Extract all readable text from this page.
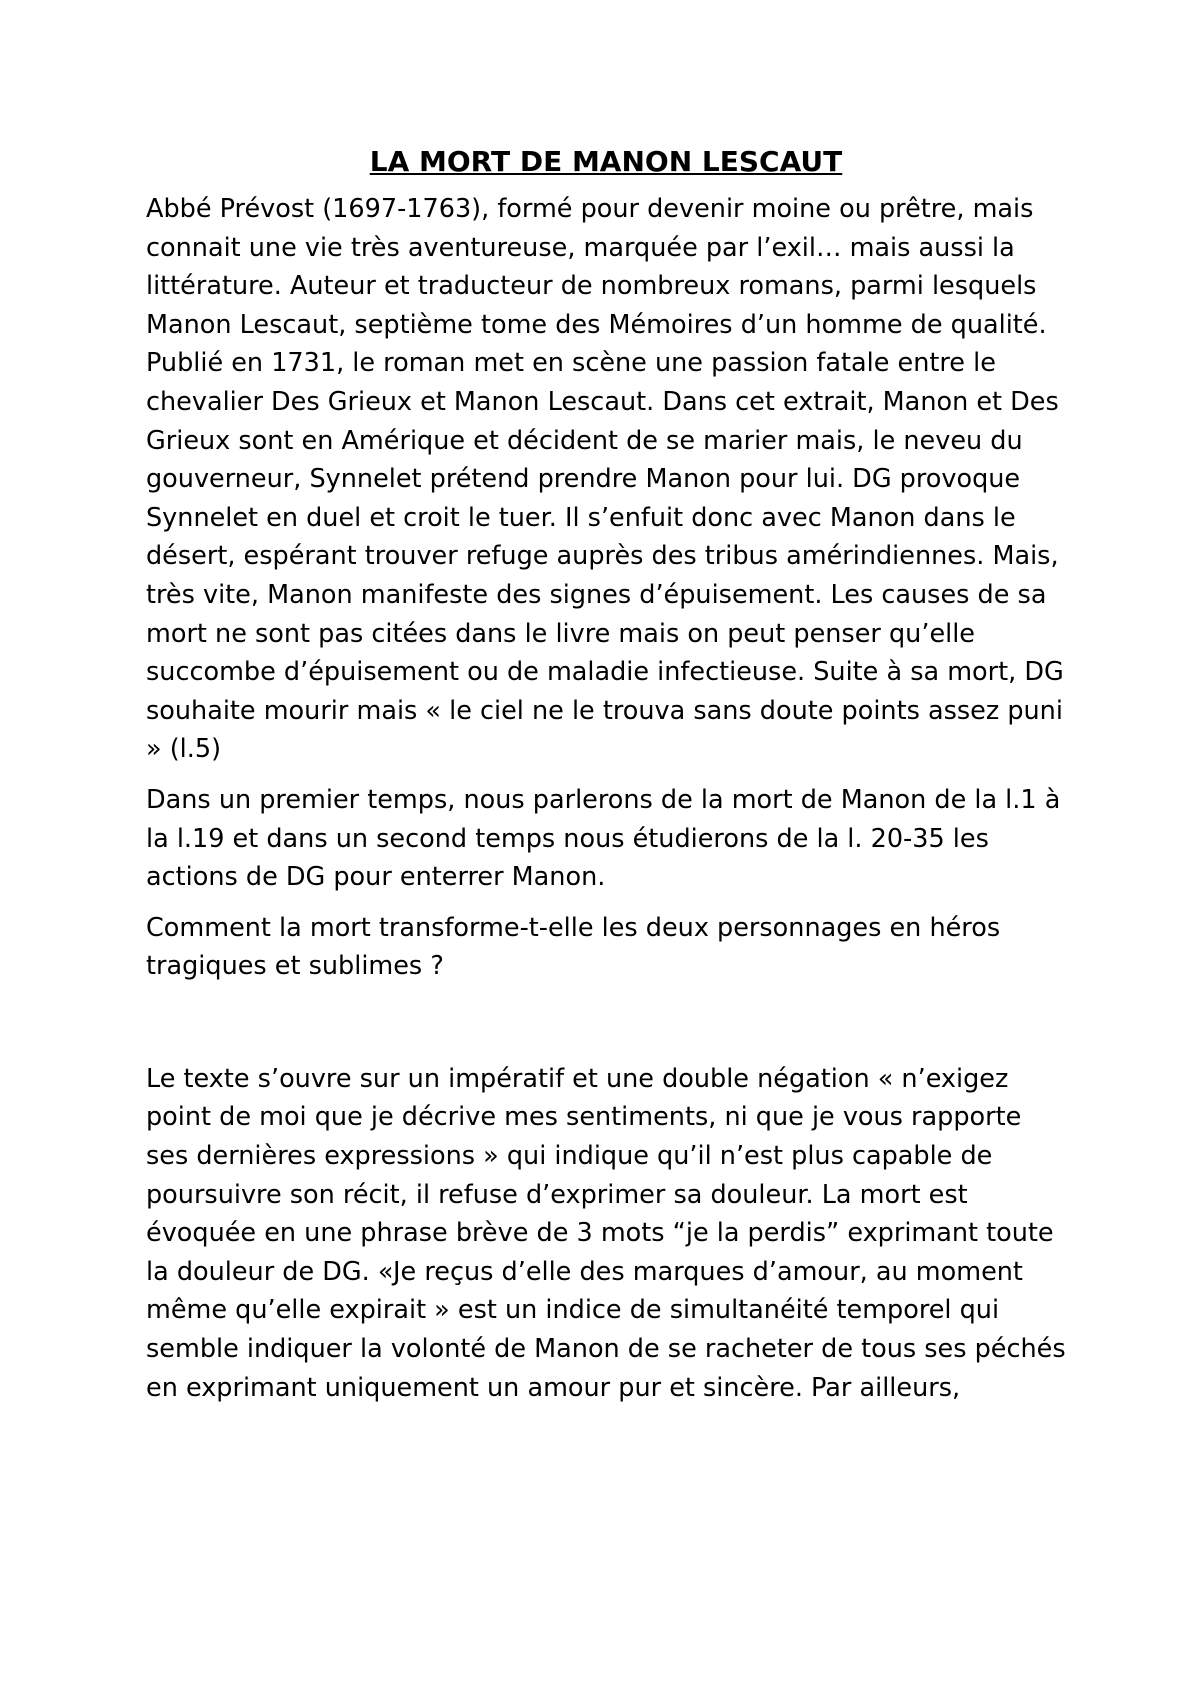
LA MORT DE MANON LESCAUT

Abbé Prévost (1697-1763), formé pour devenir moine ou prêtre, mais connait une vie très aventureuse, marquée par l’exil… mais aussi la littérature. Auteur et traducteur de nombreux romans, parmi lesquels Manon Lescaut, septième tome des Mémoires d’un homme de qualité. Publié en 1731, le roman met en scène une passion fatale entre le chevalier Des Grieux et Manon Lescaut. Dans cet extrait, Manon et Des Grieux sont en Amérique et décident de se marier mais, le neveu du gouverneur, Synnelet prétend prendre Manon pour lui. DG provoque Synnelet en duel et croit le tuer. Il s’enfuit donc avec Manon dans le désert, espérant trouver refuge auprès des tribus amérindiennes. Mais, très vite, Manon manifeste des signes d’épuisement. Les causes de sa mort ne sont pas citées dans le livre mais on peut penser qu’elle succombe d’épuisement ou de maladie infectieuse. Suite à sa mort, DG souhaite mourir mais « le ciel ne le trouva sans doute points assez puni » (l.5)

Dans un premier temps, nous parlerons de la mort de Manon de la l.1 à la l.19 et dans un second temps nous étudierons de la l. 20-35 les actions de DG pour enterrer Manon.

Comment la mort transforme-t-elle les deux personnages en héros tragiques et sublimes ?

Le texte s’ouvre sur un impératif et une double négation « n’exigez point de moi que je décrive mes sentiments, ni que je vous rapporte ses dernières expressions » qui indique qu’il n’est plus capable de poursuivre son récit, il refuse d’exprimer sa douleur. La mort est évoquée en une phrase brève de 3 mots “je la perdis” exprimant toute la douleur de DG. «Je reçus d’elle des marques d’amour, au moment même qu’elle expirait » est un indice de simultanéité temporel qui semble indiquer la volonté de Manon de se racheter de tous ses péchés en exprimant uniquement un amour pur et sincère. Par ailleurs,
